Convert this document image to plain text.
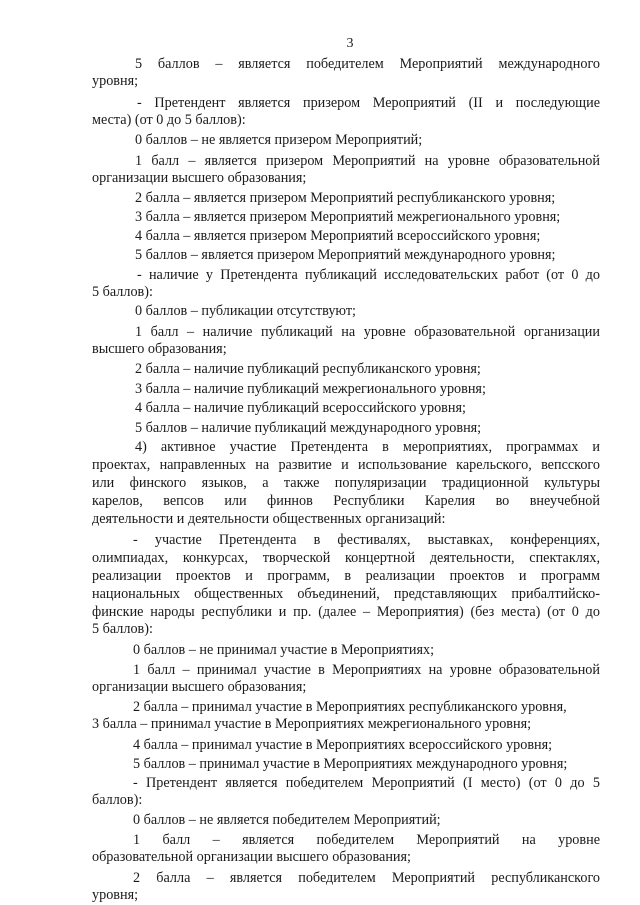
3
5 баллов – является победителем Мероприятий международного
уровня;
- Претендент является призером Мероприятий (II и последующие
места) (от 0 до 5 баллов):
0 баллов – не является призером Мероприятий;
1 балл – является призером Мероприятий на уровне образовательной
организации высшего образования;
2 балла – является призером Мероприятий республиканского уровня;
3 балла – является призером Мероприятий межрегионального уровня;
4 балла – является призером Мероприятий всероссийского уровня;
5 баллов – является призером Мероприятий международного уровня;
- наличие у Претендента публикаций исследовательских работ (от 0 до
5 баллов):
0 баллов – публикации отсутствуют;
1 балл – наличие публикаций на уровне образовательной организации
высшего образования;
2 балла – наличие публикаций республиканского уровня;
3 балла – наличие публикаций межрегионального уровня;
4 балла – наличие публикаций всероссийского уровня;
5 баллов – наличие публикаций международного уровня;
4) активное участие Претендента в мероприятиях, программах и
проектах, направленных на развитие и использование карельского, вепсского
или финского языков, а также популяризации традиционной культуры
карелов, вепсов или финнов Республики Карелия во внеучебной
деятельности и деятельности общественных организаций:
- участие Претендента в фестивалях, выставках, конференциях,
олимпиадах, конкурсах, творческой концертной деятельности, спектаклях,
реализации проектов и программ, в реализации проектов и программ
национальных общественных объединений, представляющих прибалтийско-
финские народы республики и пр. (далее – Мероприятия) (без места) (от 0 до
5 баллов):
0 баллов – не принимал участие в Мероприятиях;
1 балл – принимал участие в Мероприятиях на уровне образовательной
организации высшего образования;
2 балла – принимал участие в Мероприятиях республиканского уровня,
3 балла – принимал участие в Мероприятиях межрегионального уровня;
4 балла – принимал участие в Мероприятиях всероссийского уровня;
5 баллов – принимал участие в Мероприятиях международного уровня;
- Претендент является победителем Мероприятий (I место) (от 0 до 5
баллов):
0 баллов – не является победителем Мероприятий;
1 балл – является победителем Мероприятий на уровне
образовательной организации высшего образования;
2 балла – является победителем Мероприятий республиканского
уровня;
